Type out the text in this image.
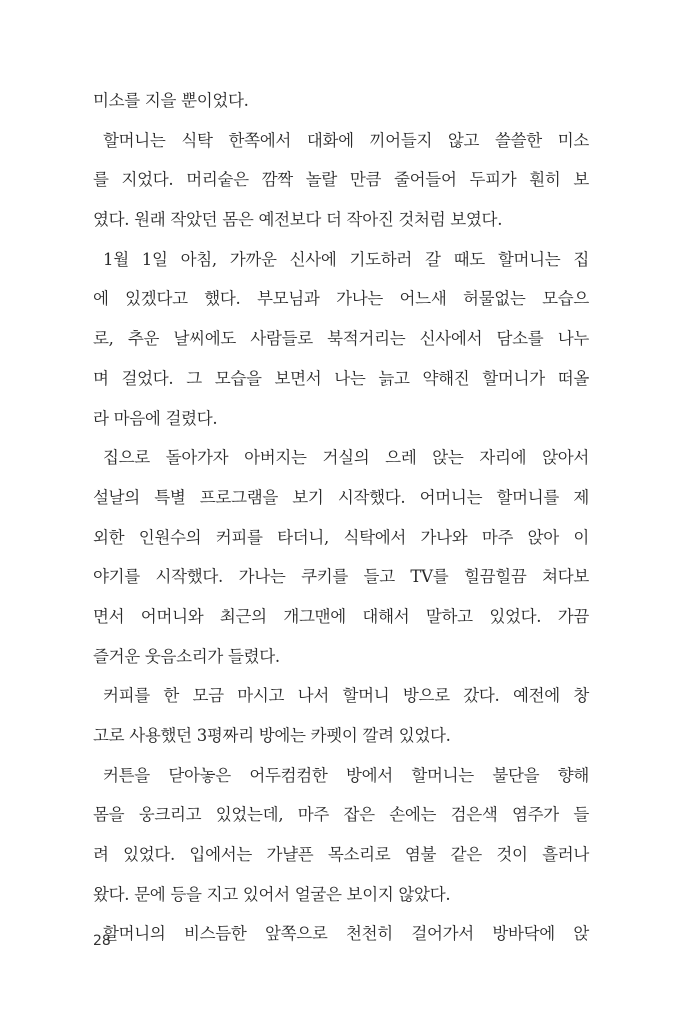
미소를 지을 뿐이었다.
할머니는 식탁 한쪽에서 대화에 끼어들지 않고 쓸쓸한 미소
를 지었다. 머리숱은 깜짝 놀랄 만큼 줄어들어 두피가 훤히 보
였다. 원래 작았던 몸은 예전보다 더 작아진 것처럼 보였다.
1월 1일 아침, 가까운 신사에 기도하러 갈 때도 할머니는 집
에 있겠다고 했다. 부모님과 가나는 어느새 허물없는 모습으
로, 추운 날씨에도 사람들로 북적거리는 신사에서 담소를 나누
며 걸었다. 그 모습을 보면서 나는 늙고 약해진 할머니가 떠올
라 마음에 걸렸다.
집으로 돌아가자 아버지는 거실의 으레 앉는 자리에 앉아서
설날의 특별 프로그램을 보기 시작했다. 어머니는 할머니를 제
외한 인원수의 커피를 타더니, 식탁에서 가나와 마주 앉아 이
야기를 시작했다. 가나는 쿠키를 들고 TV를 힐끔힐끔 쳐다보
면서 어머니와 최근의 개그맨에 대해서 말하고 있었다. 가끔
즐거운 웃음소리가 들렸다.
커피를 한 모금 마시고 나서 할머니 방으로 갔다. 예전에 창
고로 사용했던 3평짜리 방에는 카펫이 깔려 있었다.
커튼을 닫아놓은 어두컴컴한 방에서 할머니는 불단을 향해
몸을 웅크리고 있었는데, 마주 잡은 손에는 검은색 염주가 들
려 있었다. 입에서는 가냘픈 목소리로 염불 같은 것이 흘러나
왔다. 문에 등을 지고 있어서 얼굴은 보이지 않았다.
할머니의 비스듬한 앞쪽으로 천천히 걸어가서 방바닥에 앉
28
